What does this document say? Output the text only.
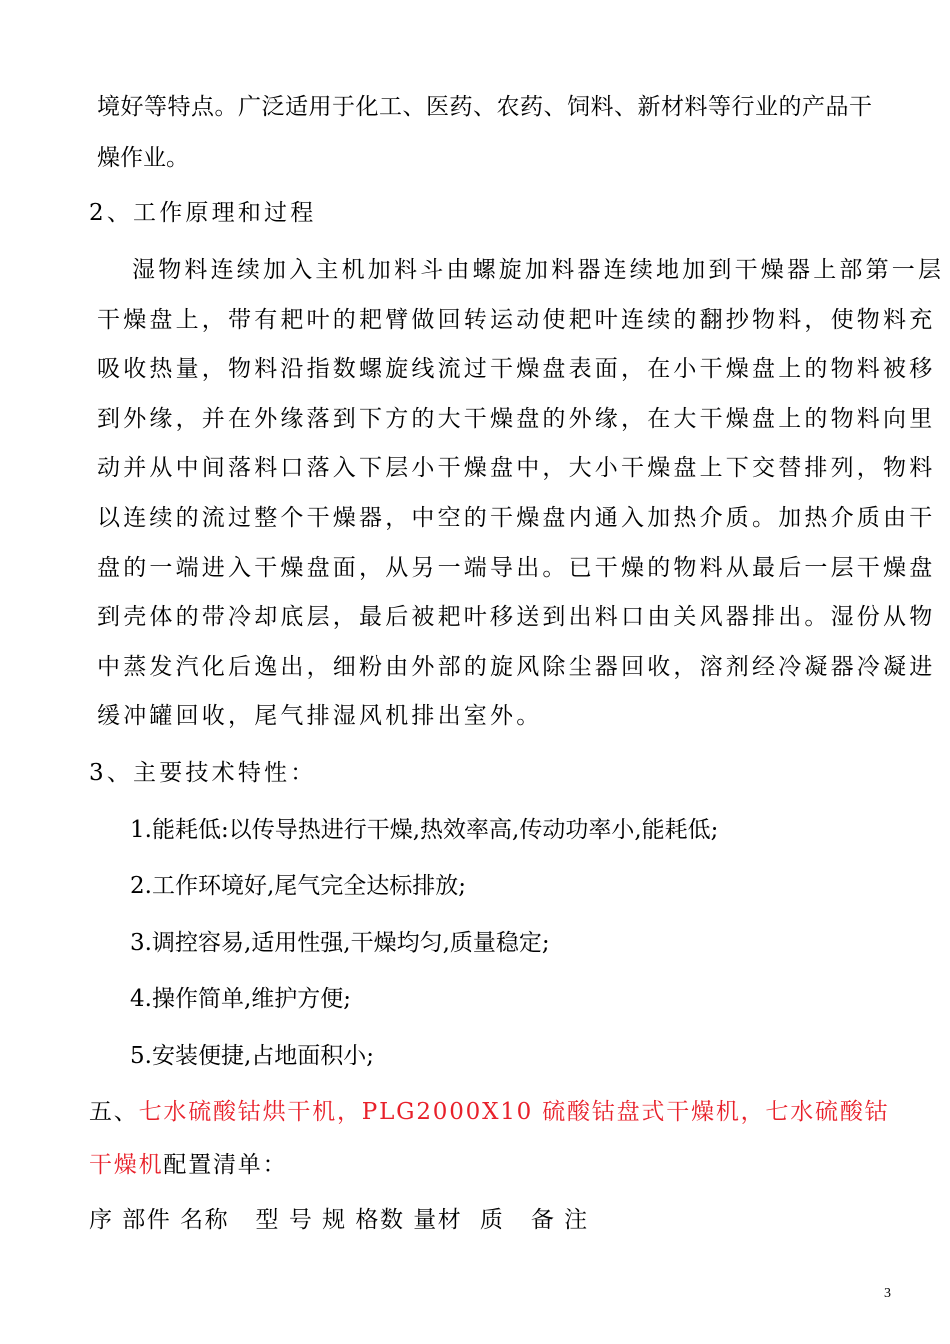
境好等特点。广泛适用于化工、医药、农药、饲料、新材料等行业的产品干
燥作业。
2、工作原理和过程
湿物料连续加入主机加料斗由螺旋加料器连续地加到干燥器上部第一层
干燥盘上，带有耙叶的耙臂做回转运动使耙叶连续的翻抄物料，使物料充
吸收热量，物料沿指数螺旋线流过干燥盘表面，在小干燥盘上的物料被移
到外缘，并在外缘落到下方的大干燥盘的外缘，在大干燥盘上的物料向里
动并从中间落料口落入下层小干燥盘中，大小干燥盘上下交替排列，物料
以连续的流过整个干燥器，中空的干燥盘内通入加热介质。加热介质由干
盘的一端进入干燥盘面，从另一端导出。已干燥的物料从最后一层干燥盘
到壳体的带冷却底层，最后被耙叶移送到出料口由关风器排出。湿份从物
中蒸发汽化后逸出，细粉由外部的旋风除尘器回收，溶剂经冷凝器冷凝进
缓冲罐回收，尾气排湿风机排出室外。
3、主要技术特性：
1.能耗低:以传导热进行干燥,热效率高,传动功率小,能耗低;
2.工作环境好,尾气完全达标排放;
3.调控容易,适用性强,干燥均匀,质量稳定;
4.操作简单,维护方便;
5.安装便捷,占地面积小;
五、七水硫酸钴烘干机，PLG2000X10 硫酸钴盘式干燥机，七水硫酸钴
干燥机配置清单：
序 部件 名称   型 号 规 格数 量材  质   备 注
3
